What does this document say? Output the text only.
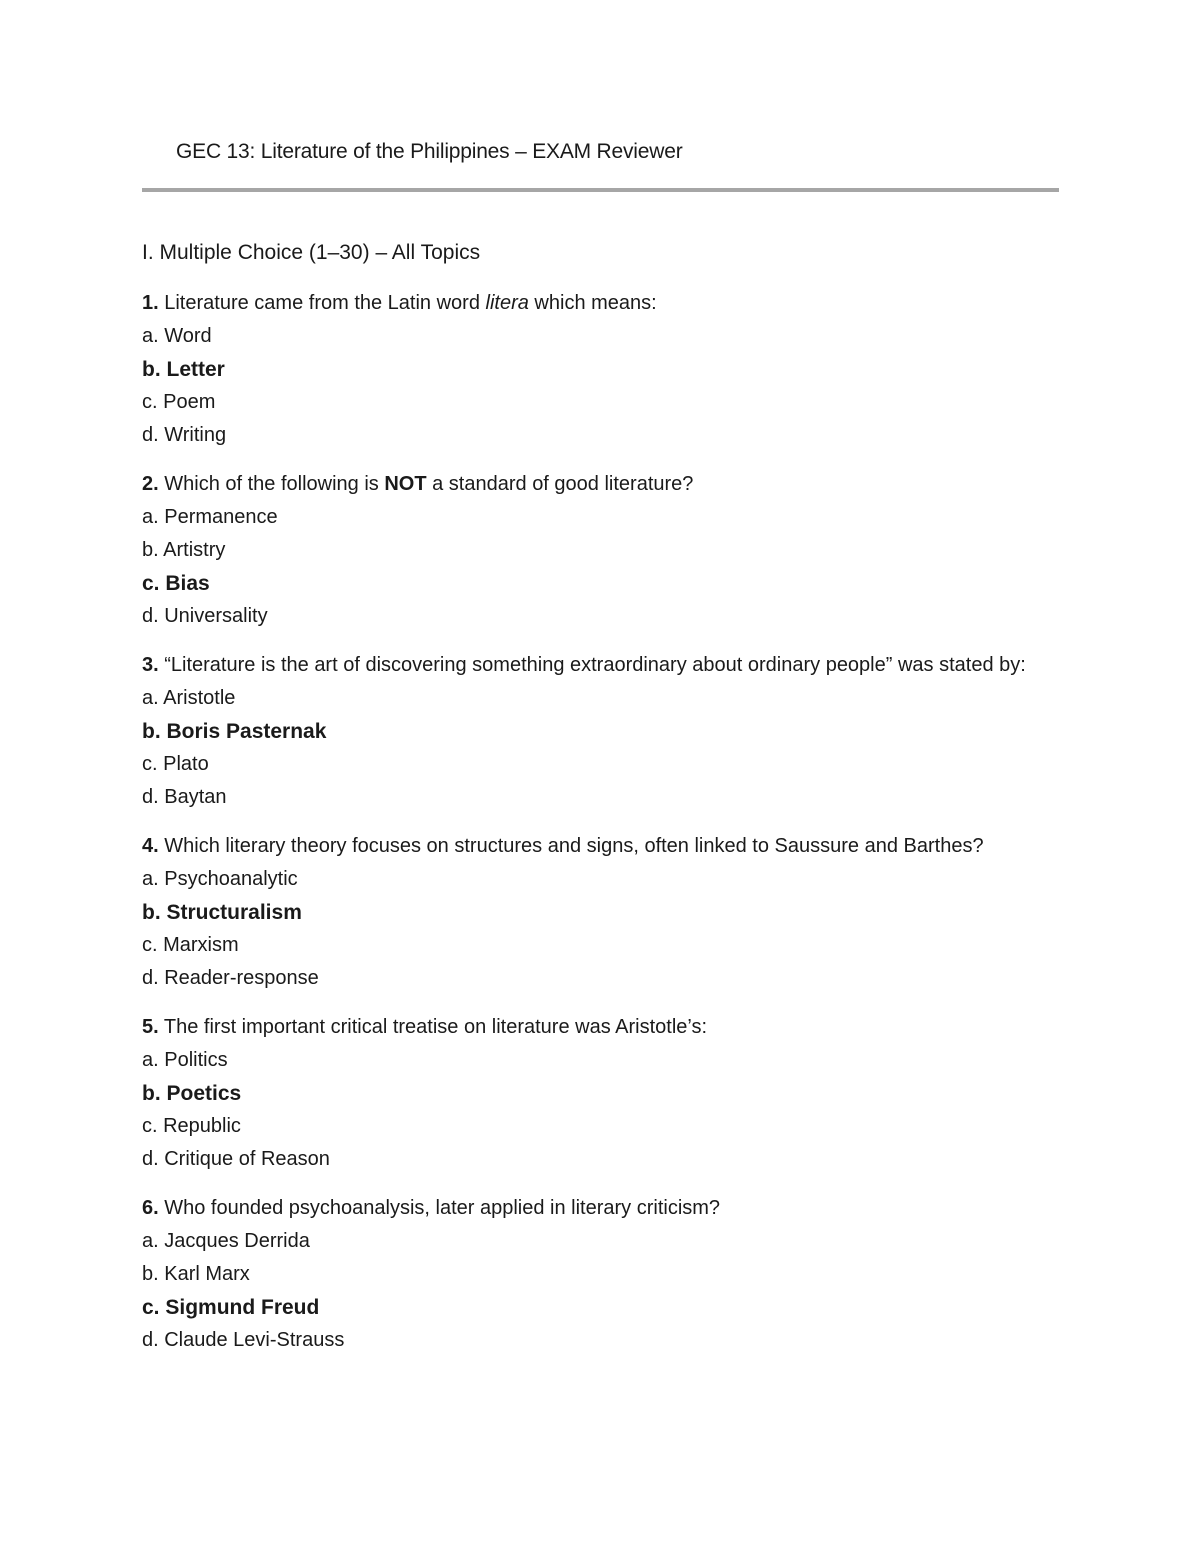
GEC 13: Literature of the Philippines – EXAM Reviewer
I. Multiple Choice (1–30) – All Topics

1. Literature came from the Latin word litera which means:

a. Word

b. Letter

c. Poem

d. Writing

2. Which of the following is NOT a standard of good literature?

a. Permanence

b. Artistry

c. Bias

d. Universality

3. “Literature is the art of discovering something extraordinary about ordinary people” was stated by:

a. Aristotle

b. Boris Pasternak

c. Plato

d. Baytan

4. Which literary theory focuses on structures and signs, often linked to Saussure and Barthes?

a. Psychoanalytic

b. Structuralism

c. Marxism

d. Reader-response

5. The first important critical treatise on literature was Aristotle’s:

a. Politics

b. Poetics

c. Republic

d. Critique of Reason

6. Who founded psychoanalysis, later applied in literary criticism?

a. Jacques Derrida

b. Karl Marx

c. Sigmund Freud

d. Claude Levi-Strauss
